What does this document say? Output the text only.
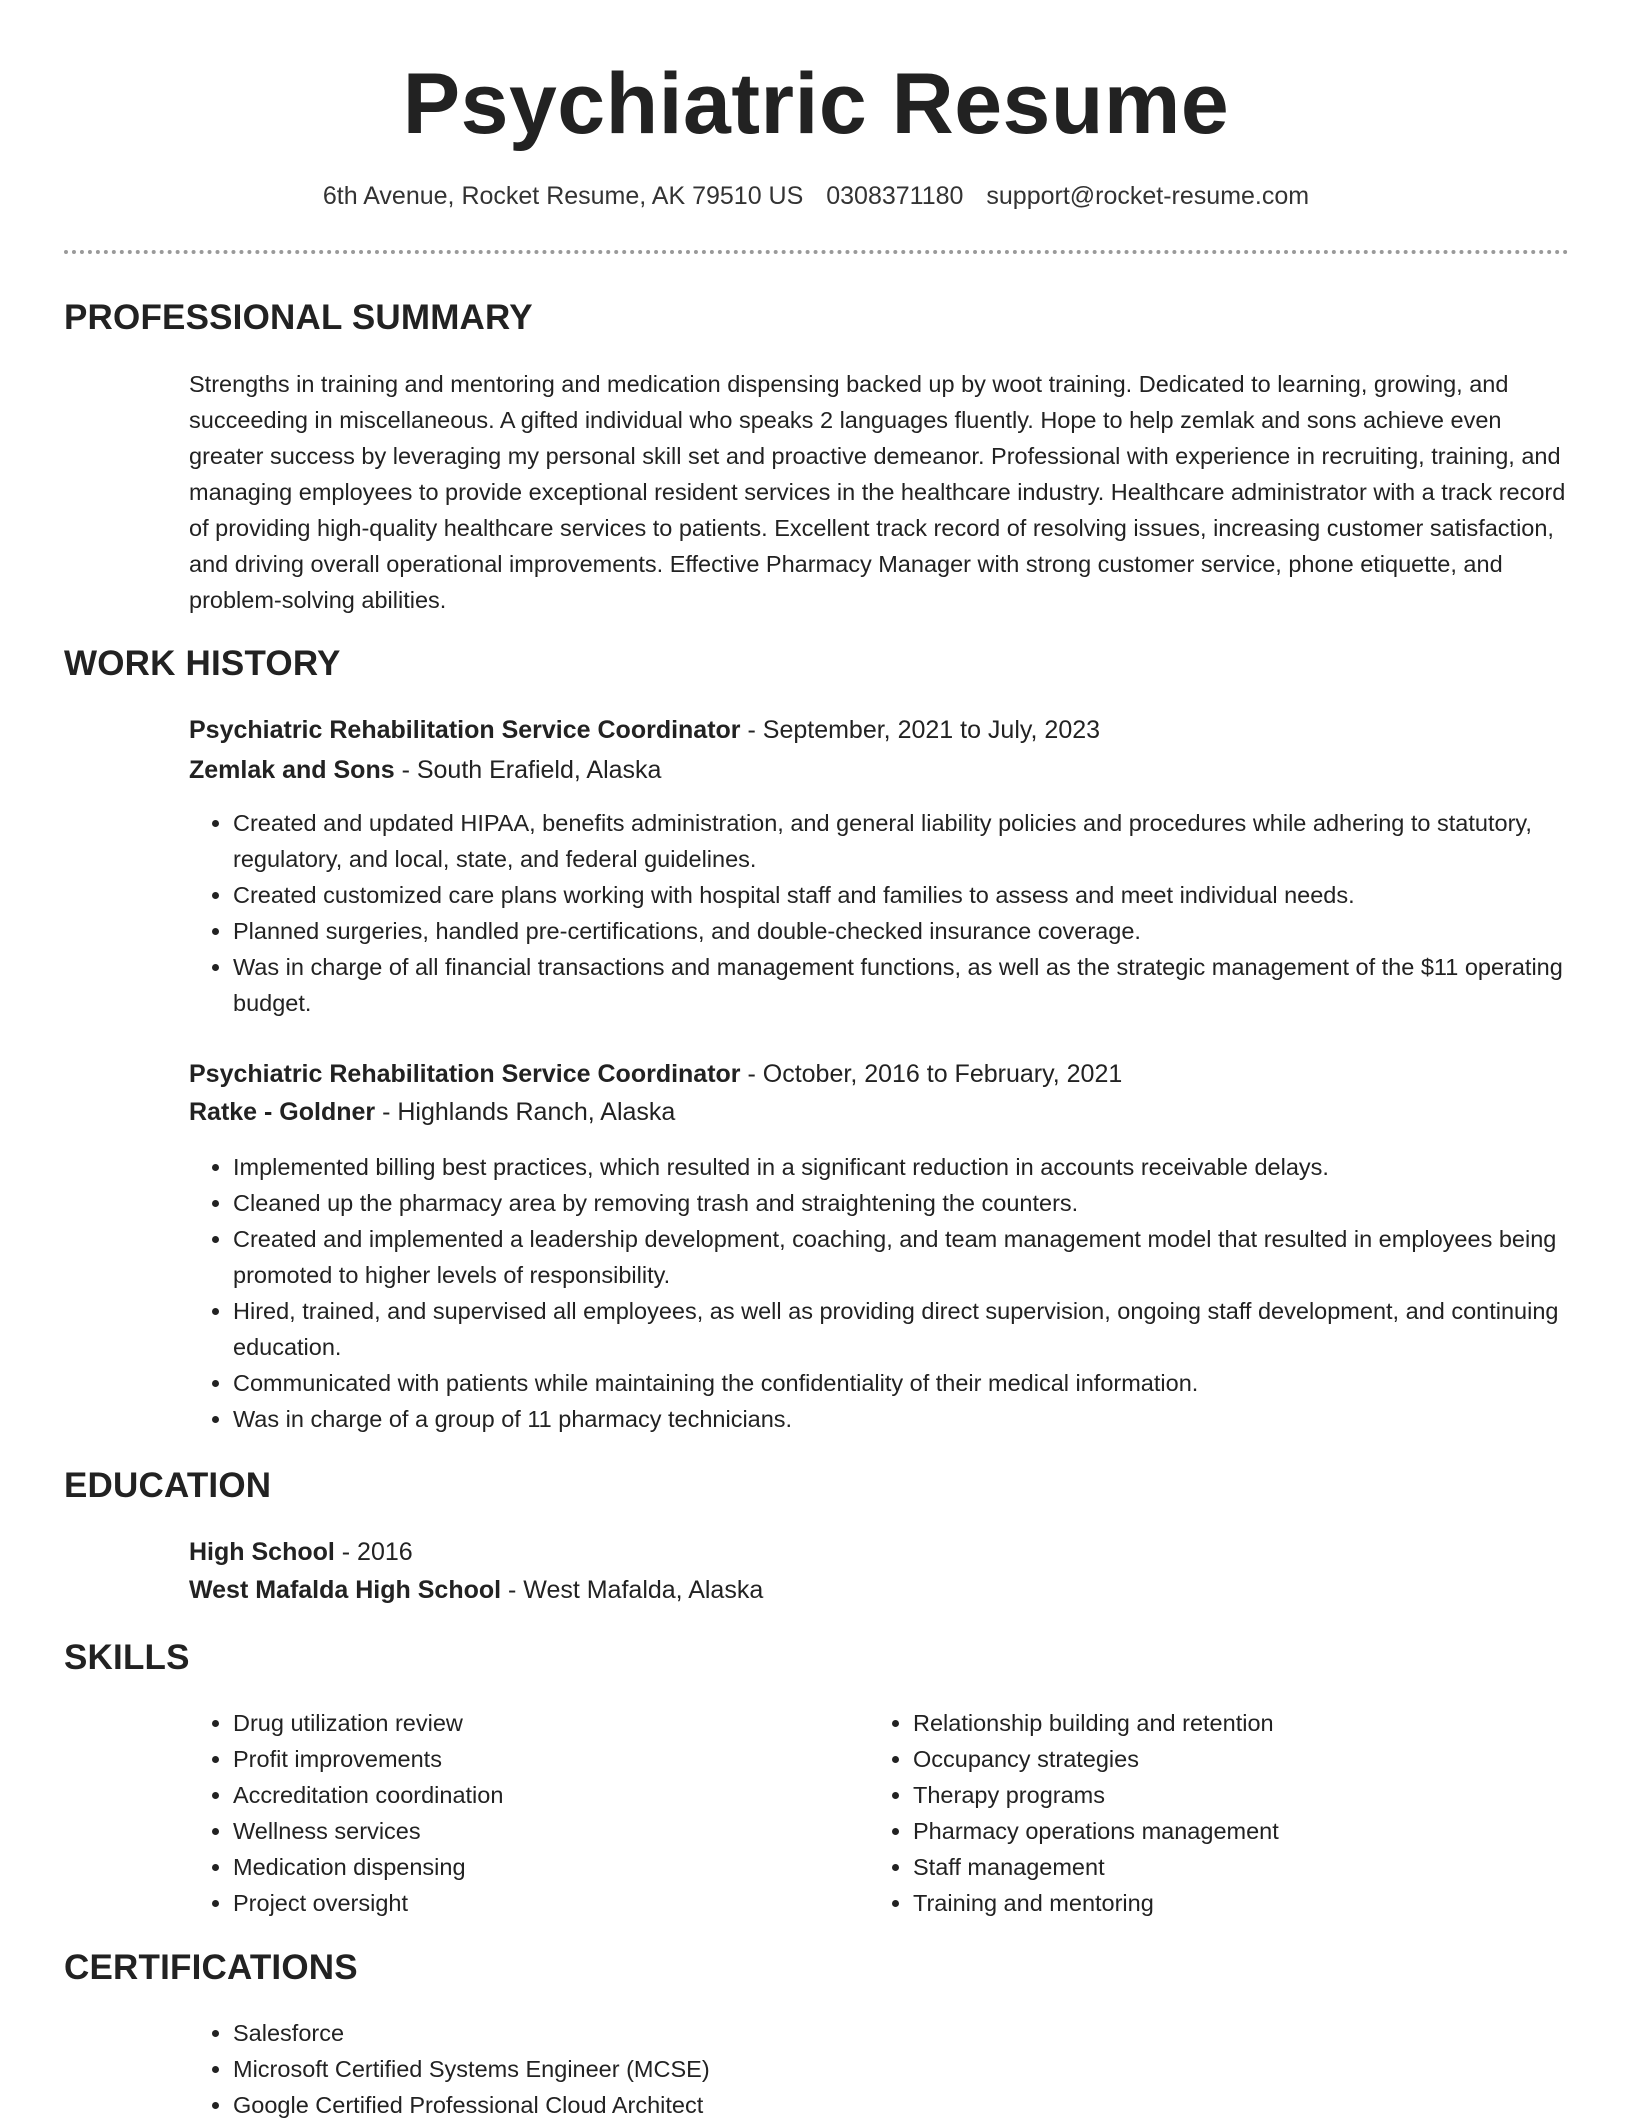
Psychiatric Resume
6th Avenue, Rocket Resume, AK 79510 US 0308371180 support@rocket-resume.com
PROFESSIONAL SUMMARY

Strengths in training and mentoring and medication dispensing backed up by woot training. Dedicated to learning, growing, and succeeding in miscellaneous. A gifted individual who speaks 2 languages fluently. Hope to help zemlak and sons achieve even greater success by leveraging my personal skill set and proactive demeanor. Professional with experience in recruiting, training, and managing employees to provide exceptional resident services in the healthcare industry. Healthcare administrator with a track record of providing high-quality healthcare services to patients. Excellent track record of resolving issues, increasing customer satisfaction, and driving overall operational improvements. Effective Pharmacy Manager with strong customer service, phone etiquette, and problem-solving abilities.

WORK HISTORY
Psychiatric Rehabilitation Service Coordinator - September, 2021 to July, 2023
Zemlak and Sons - South Erafield, Alaska
• Created and updated HIPAA, benefits administration, and general liability policies and procedures while adhering to statutory, regulatory, and local, state, and federal guidelines.
• Created customized care plans working with hospital staff and families to assess and meet individual needs.
• Planned surgeries, handled pre-certifications, and double-checked insurance coverage.
• Was in charge of all financial transactions and management functions, as well as the strategic management of the $11 operating budget.
Psychiatric Rehabilitation Service Coordinator - October, 2016 to February, 2021
Ratke - Goldner - Highlands Ranch, Alaska
• Implemented billing best practices, which resulted in a significant reduction in accounts receivable delays.
• Cleaned up the pharmacy area by removing trash and straightening the counters.
• Created and implemented a leadership development, coaching, and team management model that resulted in employees being promoted to higher levels of responsibility.
• Hired, trained, and supervised all employees, as well as providing direct supervision, ongoing staff development, and continuing education.
• Communicated with patients while maintaining the confidentiality of their medical information.
• Was in charge of a group of 11 pharmacy technicians.
EDUCATION
High School - 2016
West Mafalda High School - West Mafalda, Alaska
SKILLS
• Drug utilization review
• Profit improvements
• Accreditation coordination
• Wellness services
• Medication dispensing
• Project oversight
• Relationship building and retention
• Occupancy strategies
• Therapy programs
• Pharmacy operations management
• Staff management
• Training and mentoring
CERTIFICATIONS
• Salesforce
• Microsoft Certified Systems Engineer (MCSE)
• Google Certified Professional Cloud Architect
